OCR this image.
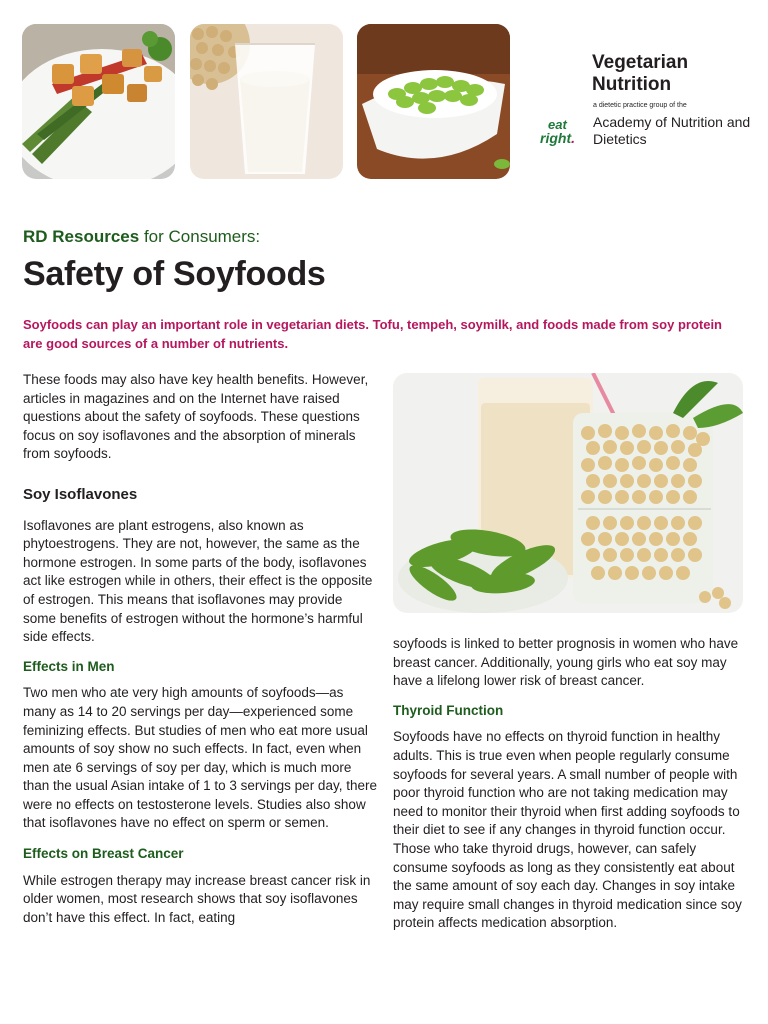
Vegetarian Nutrition
a dietetic practice group of the
Academy of Nutrition and Dietetics
eat
right.
RD Resources for Consumers:
Safety of Soyfoods

Soyfoods can play an important role in vegetarian diets. Tofu, tempeh, soymilk, and foods made from soy protein are good sources of a number of nutrients.

These foods may also have key health benefits. However, articles in magazines and on the Internet have raised questions about the safety of soyfoods. These questions focus on soy isoflavones and the absorption of minerals from soyfoods.

Soy Isoflavones

Isoflavones are plant estrogens, also known as phytoestrogens. They are not, however, the same as the hormone estrogen. In some parts of the body, isoflavones act like estrogen while in others, their effect is the opposite of estrogen. This means that isoflavones may provide some benefits of estrogen without the hormone’s harmful side effects.

Effects in Men

Two men who ate very high amounts of soyfoods—as many as 14 to 20 servings per day—experienced some feminizing effects. But studies of men who eat more usual amounts of soy show no such effects. In fact, even when men ate 6 servings of soy per day, which is much more than the usual Asian intake of 1 to 3 servings per day, there were no effects on testosterone levels. Studies also show that isoflavones have no effect on sperm or semen.

Effects on Breast Cancer

While estrogen therapy may increase breast cancer risk in older women, most research shows that soy isoflavones don’t have this effect. In fact, eating

soyfoods is linked to better prognosis in women who have breast cancer. Additionally, young girls who eat soy may have a lifelong lower risk of breast cancer.

Thyroid Function

Soyfoods have no effects on thyroid function in healthy adults. This is true even when people regularly consume soyfoods for several years. A small number of people with poor thyroid function who are not taking medication may need to monitor their thyroid when first adding soyfoods to their diet to see if any changes in thyroid function occur. Those who take thyroid drugs, however, can safely consume soyfoods as long as they consistently eat about the same amount of soy each day. Changes in soy intake may require small changes in thyroid medication since soy protein affects medication absorption.
